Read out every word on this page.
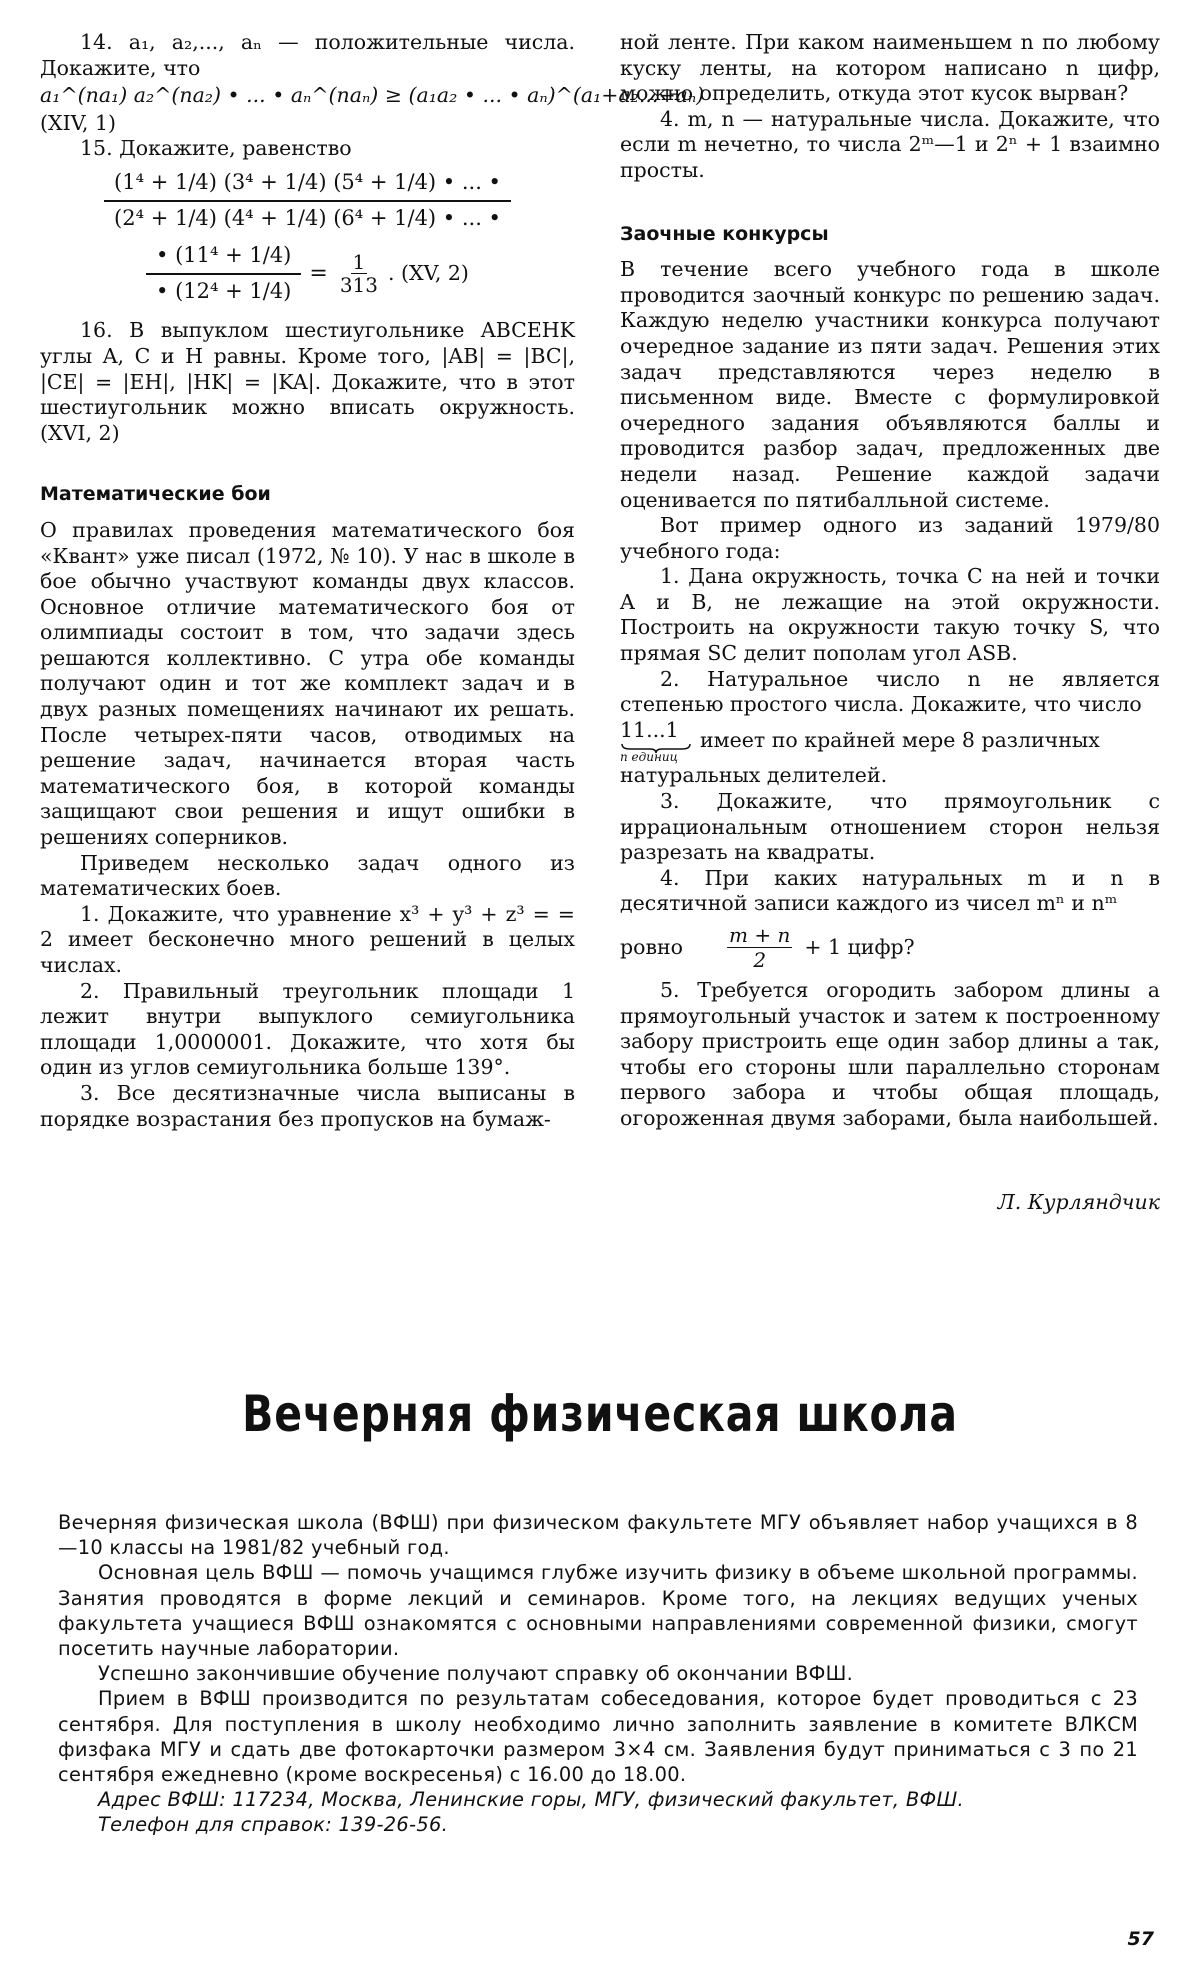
14. a₁, a₂,..., aₙ — положительные числа. Докажите, что

a₁^(na₁) a₂^(na₂) • ... • aₙ^(naₙ) ≥ (a₁a₂ • ... • aₙ)^(a₁+a₂...+aₙ)

(XIV, 1)

15. Докажите, равенство

$\frac{\text{(1⁴ + 1/4) (3⁴ + 1/4) (5⁴ + 1/4) • ... •}}{\text{(2⁴ + 1/4) (4⁴ + 1/4) (6⁴ + 1/4) • ... •}}$
$\frac{\text{• (11⁴ + 1/4)}}{\text{• (12⁴ + 1/4)}} = \frac{1}{313}$ . (XV, 2)

16. В выпуклом шестиугольнике ABCEHK углы A, C и H равны. Кроме того, |AB| = |BC|, |CE| = |EH|, |HK| = |KA|. Докажите, что в этот шестиугольник можно вписать окружность. (XVI, 2)

Математические бои

О правилах проведения математического боя «Квант» уже писал (1972, № 10). У нас в школе в бое обычно участвуют команды двух классов. Основное отличие математического боя от олимпиады состоит в том, что задачи здесь решаются коллективно. С утра обе команды получают один и тот же комплект задач и в двух разных помещениях начинают их решать. После четырех-пяти часов, отводимых на решение задач, начинается вторая часть математического боя, в которой команды защищают свои решения и ищут ошибки в решениях соперников.

Приведем несколько задач одного из математических боев.

1. Докажите, что уравнение x³ + y³ + z³ = = 2 имеет бесконечно много решений в целых числах.

2. Правильный треугольник площади 1 лежит внутри выпуклого семиугольника площади 1,0000001. Докажите, что хотя бы один из углов семиугольника больше 139°.

3. Все десятизначные числа выписаны в порядке возрастания без пропусков на бумаж-

ной ленте. При каком наименьшем n по любому куску ленты, на котором написано n цифр, можно определить, откуда этот кусок вырван?

4. m, n — натуральные числа. Докажите, что если m нечетно, то числа 2ᵐ—1 и 2ⁿ + 1 взаимно просты.

Заочные конкурсы

В течение всего учебного года в школе проводится заочный конкурс по решению задач. Каждую неделю участники конкурса получают очередное задание из пяти задач. Решения этих задач представляются через неделю в письменном виде. Вместе с формулировкой очередного задания объявляются баллы и проводится разбор задач, предложенных две недели назад. Решение каждой задачи оценивается по пятибалльной системе.

Вот пример одного из заданий 1979/80 учебного года:

1. Дана окружность, точка C на ней и точки A и B, не лежащие на этой окружности. Построить на окружности такую точку S, что прямая SC делит пополам угол ASB.

2. Натуральное число n не является степенью простого числа. Докажите, что число

11...1
n единиц
имеет по крайней мере 8 различных

натуральных делителей.

3. Докажите, что прямоугольник с иррациональным отношением сторон нельзя разрезать на квадраты.

4. При каких натуральных m и n в десятичной записи каждого из чисел mⁿ и nᵐ

ровно $\frac{m + n}{2} + 1$ цифр?

5. Требуется огородить забором длины a прямоугольный участок и затем к построенному забору пристроить еще один забор длины a так, чтобы его стороны шли параллельно сторонам первого забора и чтобы общая площадь, огороженная двумя заборами, была наибольшей.

Л. Курляндчик

Вечерняя физическая школа

Вечерняя физическая школа (ВФШ) при физическом факультете МГУ объявляет набор учащихся в 8—10 классы на 1981/82 учебный год.

Основная цель ВФШ — помочь учащимся глубже изучить физику в объеме школьной программы. Занятия проводятся в форме лекций и семинаров. Кроме того, на лекциях ведущих ученых факультета учащиеся ВФШ ознакомятся с основными направлениями современной физики, смогут посетить научные лаборатории.

Успешно закончившие обучение получают справку об окончании ВФШ.

Прием в ВФШ производится по результатам собеседования, которое будет проводиться с 23 сентября. Для поступления в школу необходимо лично заполнить заявление в комитете ВЛКСМ физфака МГУ и сдать две фотокарточки размером 3×4 см. Заявления будут приниматься с 3 по 21 сентября ежедневно (кроме воскресенья) с 16.00 до 18.00.

Адрес ВФШ: 117234, Москва, Ленинские горы, МГУ, физический факультет, ВФШ.

Телефон для справок: 139-26-56.

57
